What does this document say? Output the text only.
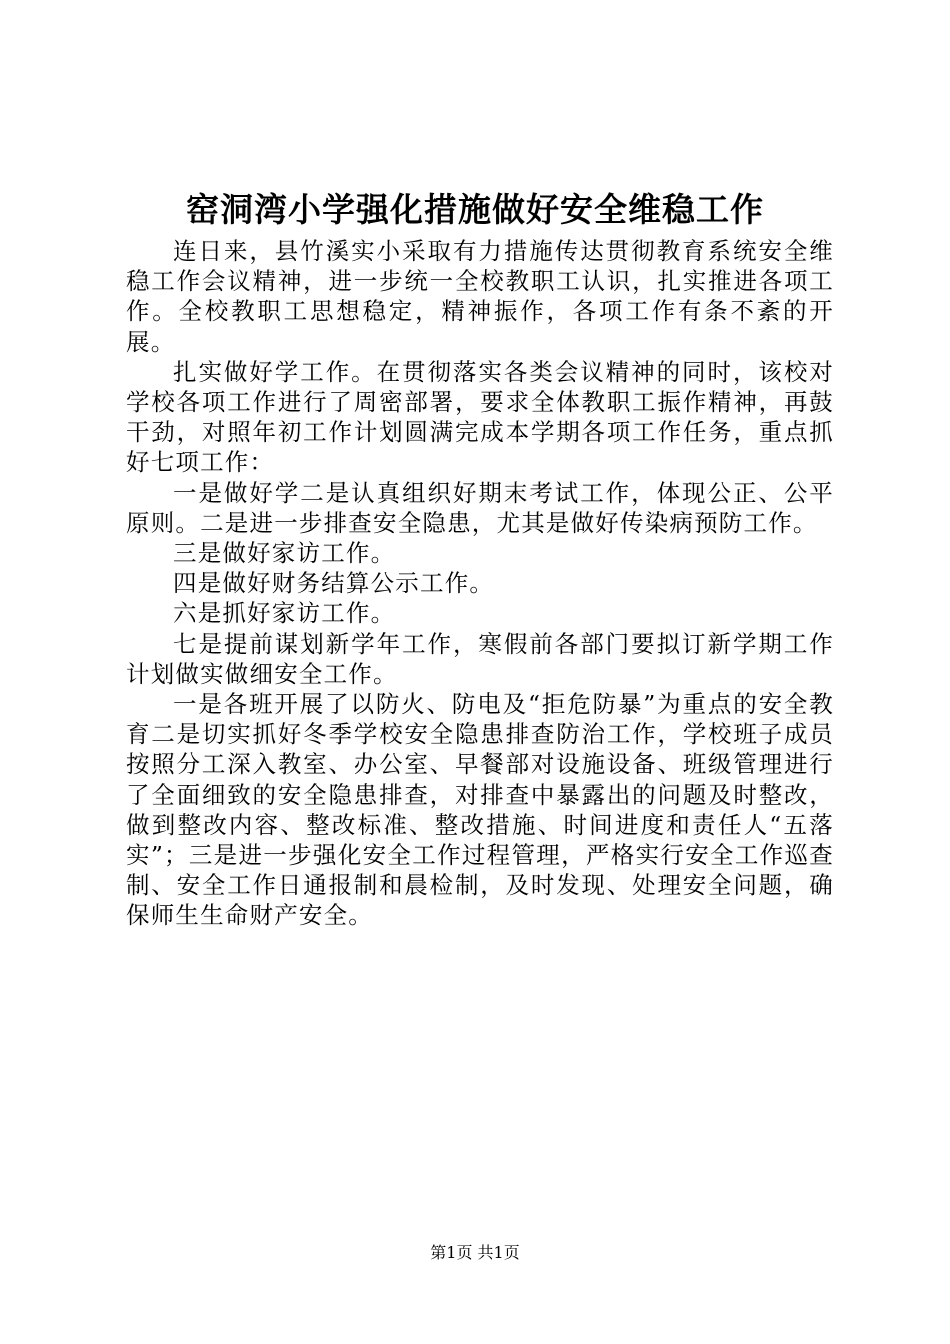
窑洞湾小学强化措施做好安全维稳工作

连日来，县竹溪实小采取有力措施传达贯彻教育系统安全维稳工作会议精神，进一步统一全校教职工认识，扎实推进各项工作。全校教职工思想稳定，精神振作，各项工作有条不紊的开展。

扎实做好学工作。在贯彻落实各类会议精神的同时，该校对学校各项工作进行了周密部署，要求全体教职工振作精神，再鼓干劲，对照年初工作计划圆满完成本学期各项工作任务，重点抓好七项工作：

一是做好学二是认真组织好期末考试工作，体现公正、公平原则。二是进一步排查安全隐患，尤其是做好传染病预防工作。

三是做好家访工作。

四是做好财务结算公示工作。

六是抓好家访工作。

七是提前谋划新学年工作，寒假前各部门要拟订新学期工作计划做实做细安全工作。

一是各班开展了以防火、防电及“拒危防暴”为重点的安全教育二是切实抓好冬季学校安全隐患排查防治工作，学校班子成员按照分工深入教室、办公室、早餐部对设施设备、班级管理进行了全面细致的安全隐患排查，对排查中暴露出的问题及时整改，做到整改内容、整改标准、整改措施、时间进度和责任人“五落实”；三是进一步强化安全工作过程管理，严格实行安全工作巡查制、安全工作日通报制和晨检制，及时发现、处理安全问题，确保师生生命财产安全。

第1页 共1页
